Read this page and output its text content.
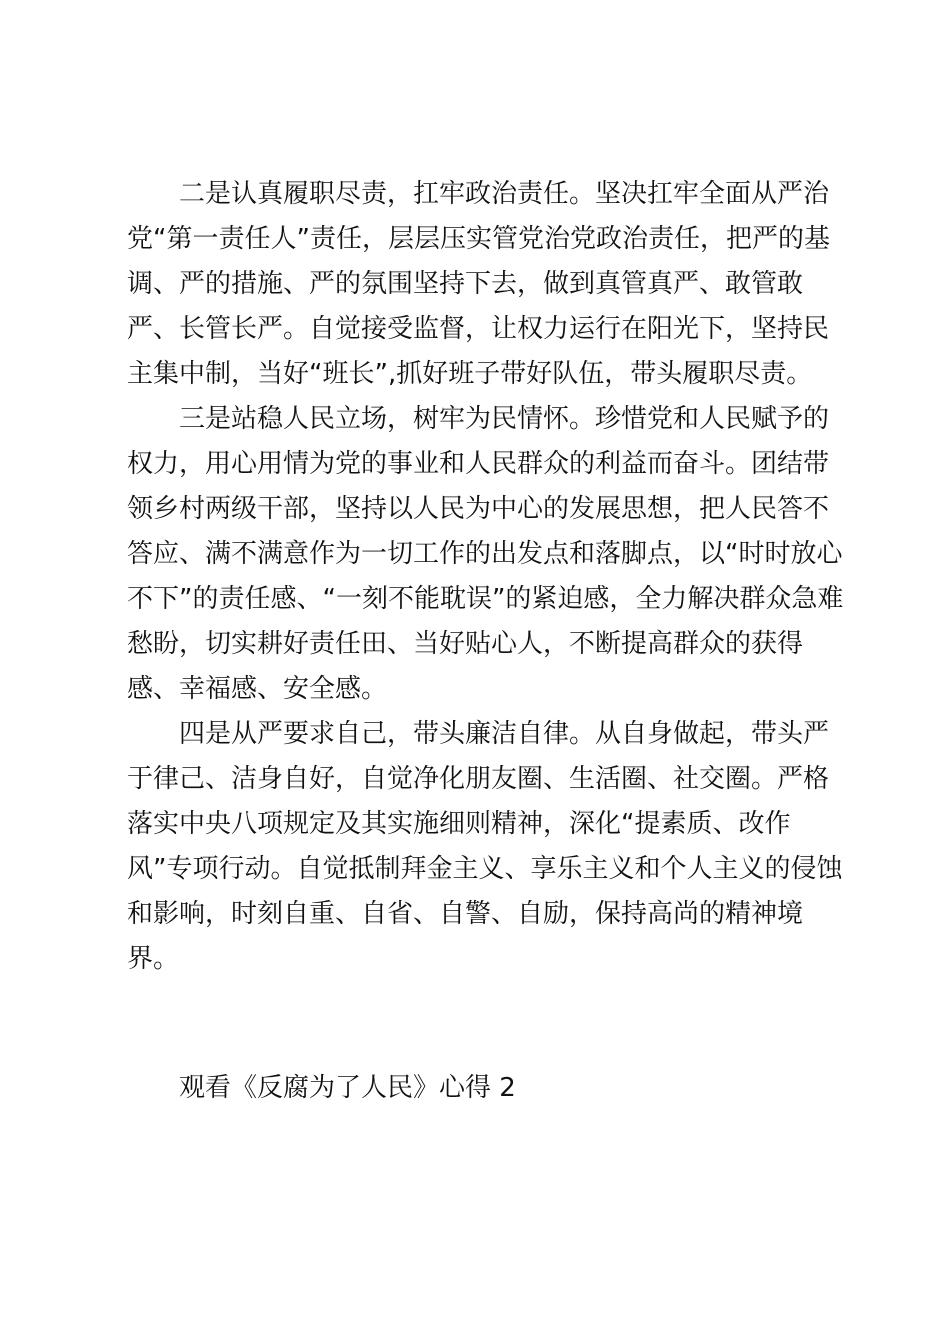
二是认真履职尽责，扛牢政治责任。坚决扛牢全面从严治
党“第一责任人”责任，层层压实管党治党政治责任，把严的基
调、严的措施、严的氛围坚持下去，做到真管真严、敢管敢
严、长管长严。自觉接受监督，让权力运行在阳光下，坚持民
主集中制，当好“班长”,抓好班子带好队伍，带头履职尽责。
三是站稳人民立场，树牢为民情怀。珍惜党和人民赋予的
权力，用心用情为党的事业和人民群众的利益而奋斗。团结带
领乡村两级干部，坚持以人民为中心的发展思想，把人民答不
答应、满不满意作为一切工作的出发点和落脚点，以“时时放心
不下”的责任感、“一刻不能耽误”的紧迫感，全力解决群众急难
愁盼，切实耕好责任田、当好贴心人，不断提高群众的获得
感、幸福感、安全感。
四是从严要求自己，带头廉洁自律。从自身做起，带头严
于律己、洁身自好，自觉净化朋友圈、生活圈、社交圈。严格
落实中央八项规定及其实施细则精神，深化“提素质、改作
风”专项行动。自觉抵制拜金主义、享乐主义和个人主义的侵蚀
和影响，时刻自重、自省、自警、自励，保持高尚的精神境
界。
观看《反腐为了人民》心得 2
